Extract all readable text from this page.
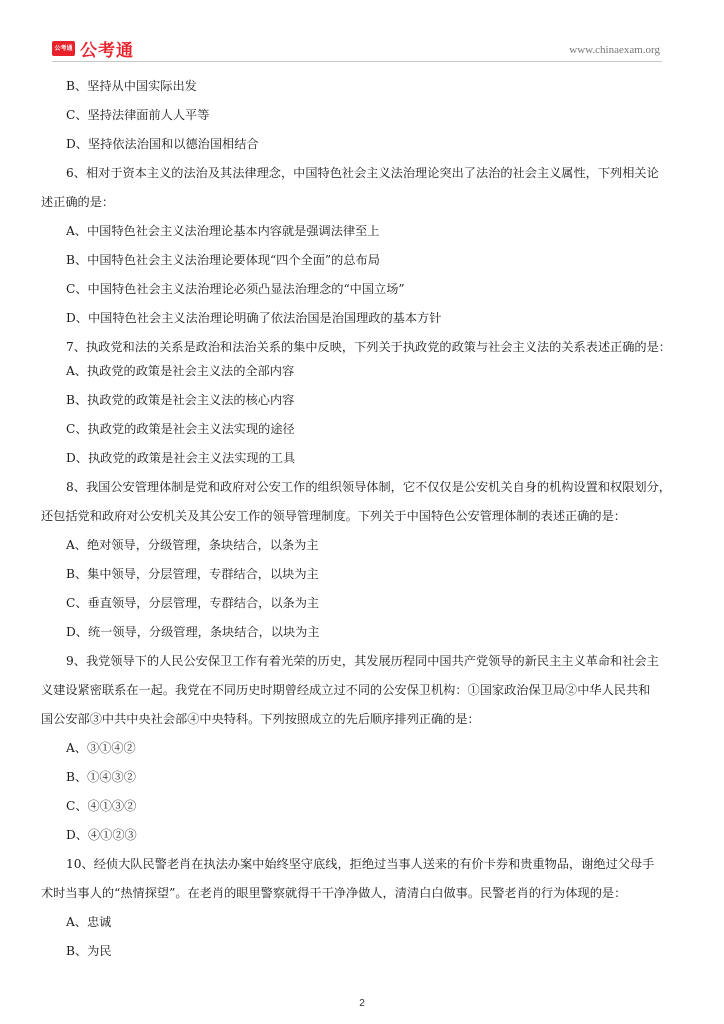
公考通 公考通	www.chinaexam.org
B、坚持从中国实际出发
C、坚持法律面前人人平等
D、坚持依法治国和以德治国相结合
6、相对于资本主义的法治及其法律理念，中国特色社会主义法治理论突出了法治的社会主义属性，下列相关论
述正确的是：
A、中国特色社会主义法治理论基本内容就是强调法律至上
B、中国特色社会主义法治理论要体现“四个全面”的总布局
C、中国特色社会主义法治理论必须凸显法治理念的“中国立场”
D、中国特色社会主义法治理论明确了依法治国是治国理政的基本方针
7、执政党和法的关系是政治和法治关系的集中反映，下列关于执政党的政策与社会主义法的关系表述正确的是：
A、执政党的政策是社会主义法的全部内容
B、执政党的政策是社会主义法的核心内容
C、执政党的政策是社会主义法实现的途径
D、执政党的政策是社会主义法实现的工具
8、我国公安管理体制是党和政府对公安工作的组织领导体制，它不仅仅是公安机关自身的机构设置和权限划分，
还包括党和政府对公安机关及其公安工作的领导管理制度。下列关于中国特色公安管理体制的表述正确的是：
A、绝对领导，分级管理，条块结合，以条为主
B、集中领导，分层管理，专群结合，以块为主
C、垂直领导，分层管理，专群结合，以条为主
D、统一领导，分级管理，条块结合，以块为主
9、我党领导下的人民公安保卫工作有着光荣的历史，其发展历程同中国共产党领导的新民主主义革命和社会主
义建设紧密联系在一起。我党在不同历史时期曾经成立过不同的公安保卫机构：①国家政治保卫局②中华人民共和
国公安部③中共中央社会部④中央特科。下列按照成立的先后顺序排列正确的是：
A、③①④②
B、①④③②
C、④①③②
D、④①②③
10、经侦大队民警老肖在执法办案中始终坚守底线，拒绝过当事人送来的有价卡券和贵重物品，谢绝过父母手
术时当事人的“热情探望”。在老肖的眼里警察就得干干净净做人，清清白白做事。民警老肖的行为体现的是：
A、忠诚
B、为民
2
